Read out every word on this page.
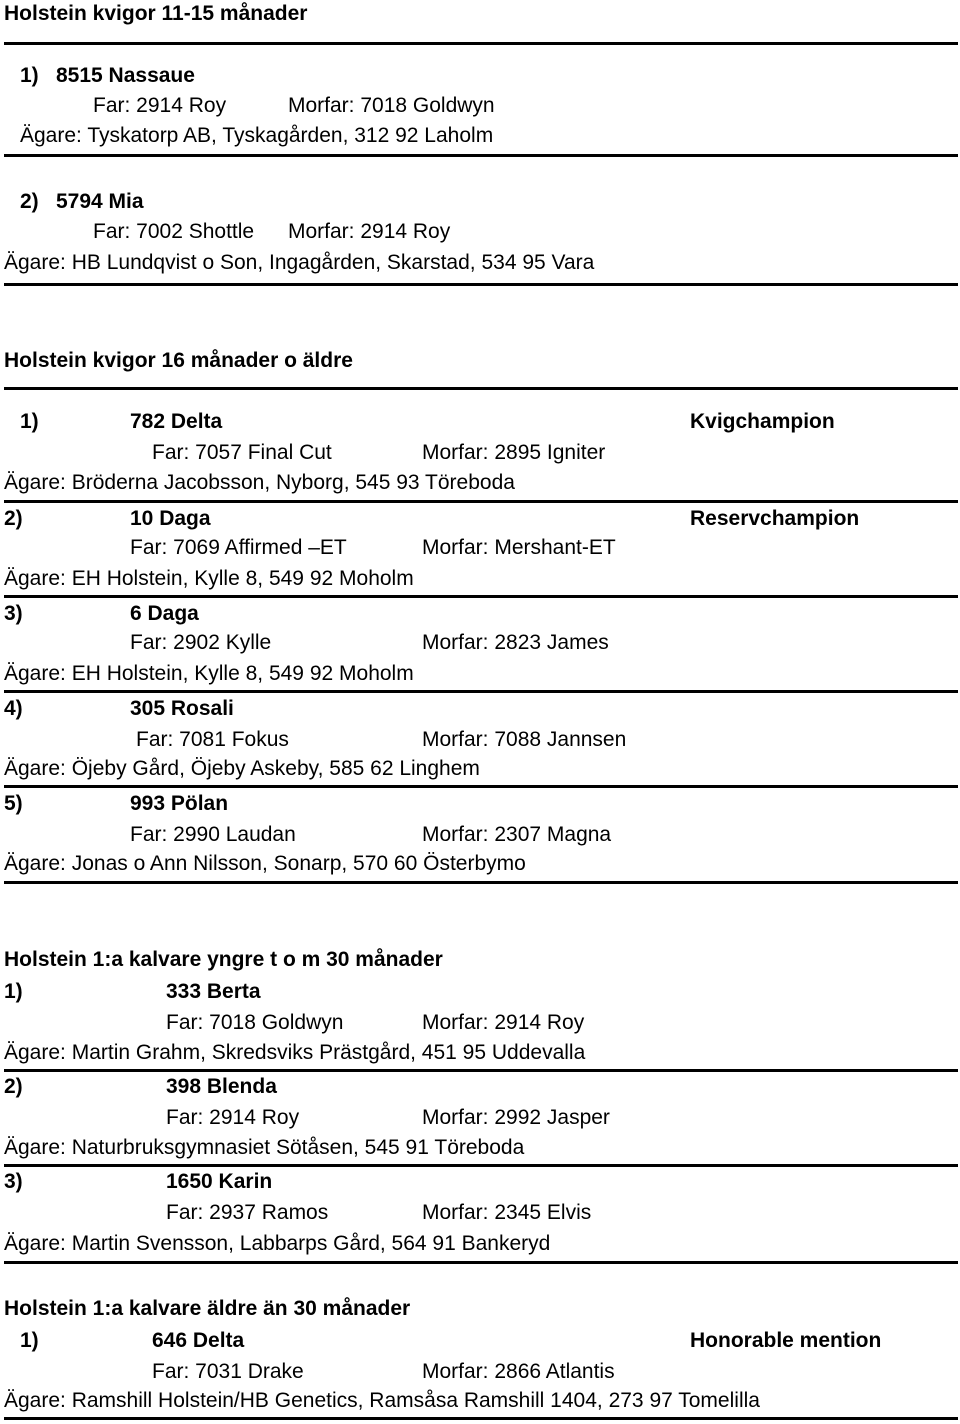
Holstein kvigor 11-15 månader
1) 8515 Nassaue
Far: 2914 Roy	Morfar: 7018 Goldwyn
Ägare: Tyskatorp AB, Tyskagården, 312 92 Laholm
2) 5794 Mia
Far: 7002 Shottle Morfar: 2914 Roy
Ägare: HB Lundqvist o Son, Ingagården, Skarstad, 534 95 Vara
Holstein kvigor 16 månader o äldre
1)	782 Delta	Kvigchampion
Far: 7057 Final Cut	Morfar: 2895 Igniter
Ägare: Bröderna Jacobsson, Nyborg, 545 93 Töreboda
2)	10 Daga	Reservchampion
Far: 7069 Affirmed –ET	Morfar: Mershant-ET
Ägare: EH Holstein, Kylle 8, 549 92 Moholm
3)	6 Daga
Far: 2902 Kylle	Morfar: 2823 James
Ägare: EH Holstein, Kylle 8, 549 92 Moholm
4)	305 Rosali
Far: 7081 Fokus	Morfar: 7088 Jannsen
Ägare: Öjeby Gård, Öjeby Askeby, 585 62 Linghem
5)	993 Pölan
Far: 2990 Laudan	Morfar: 2307 Magna
Ägare: Jonas o Ann Nilsson, Sonarp, 570 60 Österbymo
Holstein 1:a kalvare yngre t o m 30 månader
1)	333 Berta
Far: 7018 Goldwyn	Morfar: 2914 Roy
Ägare: Martin Grahm, Skredsviks Prästgård, 451 95 Uddevalla
2)	398 Blenda
Far: 2914 Roy	Morfar: 2992 Jasper
Ägare: Naturbruksgymnasiet Sötåsen, 545 91 Töreboda
3)	1650 Karin
Far: 2937 Ramos	Morfar: 2345 Elvis
Ägare: Martin Svensson, Labbarps Gård, 564 91 Bankeryd
Holstein 1:a kalvare äldre än 30 månader
1)	646 Delta	Honorable mention
Far: 7031 Drake	Morfar: 2866 Atlantis
Ägare: Ramshill Holstein/HB Genetics, Ramsåsa Ramshill 1404, 273 97 Tomelilla
